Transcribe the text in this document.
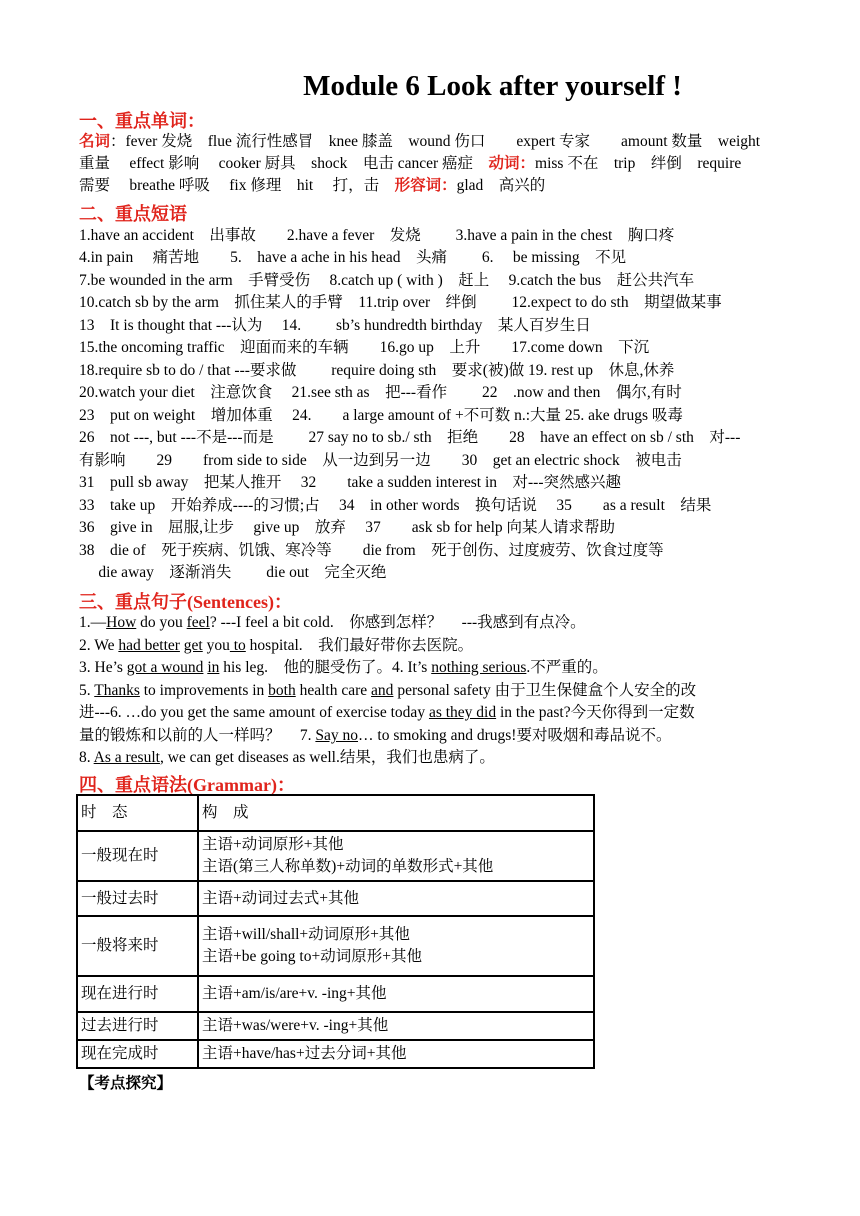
Module 6 Look after yourself !
一、重点单词：
名词：fever 发烧　flue 流行性感冒　knee 膝盖　wound 伤口　　expert 专家　　amount 数量　weight
重量　 effect 影响　 cooker 厨具　shock　电击 cancer 癌症　动词：miss 不在　trip　绊倒　require
需要　 breathe 呼吸　 fix 修理　hit　 打，击　形容词：glad　高兴的
二、重点短语
1.have an accident　出事故　　2.have a fever　发烧　　 3.have a pain in the chest　胸口疼
4.in pain　 痛苦地　　5.　have a ache in his head　头痛　　 6.　 be missing　不见
7.be wounded in the arm　手臂受伤　 8.catch up ( with )　赶上　 9.catch the bus　赶公共汽车
10.catch sb by the arm　抓住某人的手臂　11.trip over　绊倒　　 12.expect to do sth　期望做某事
13　It is thought that ---认为　 14.　　 sb’s hundredth birthday　某人百岁生日
15.the oncoming traffic　迎面而来的车辆　　16.go up　上升　　17.come down　下沉
18.require sb to do / that ---要求做　　 require doing sth　要求(被)做 19. rest up　休息,休养
20.watch your diet　注意饮食　 21.see sth as　把---看作　　 22　.now and then　偶尔,有时
23　put on weight　增加体重　 24.　　a large amount of +不可数 n.:大量 25. ake drugs 吸毒
26　not ---, but ---不是---而是　　 27 say no to sb./ sth　拒绝　　28　have an effect on sb / sth　对---
有影响　　29　　from side to side　从一边到另一边　　30　get an electric shock　被电击
31　pull sb away　把某人推开　 32　　take a sudden interest in　对---突然感兴趣
33　take up　开始养成----的习惯;占　 34　in other words　换句话说　 35　　as a result　结果
36　give in　屈服,让步　 give up　放弃　 37　　ask sb for help 向某人请求帮助
38　die of　死于疾病、饥饿、寒冷等　　die from　死于创伤、过度疲劳、饮食过度等
　 die away　逐渐消失　　 die out　完全灭绝
三、重点句子(Sentences)：
1.—How do you feel? ---I feel a bit cold.　你感到怎样？　 ---我感到有点冷。
2. We had better get you to hospital.　我们最好带你去医院。
3. He’s got a wound in his leg.　他的腿受伤了。4. It’s nothing serious.不严重的。
5. Thanks to improvements in both health care and personal safety 由于卫生保健盒个人安全的改
进---6. …do you get the same amount of exercise today as they did in the past?今天你得到一定数
量的锻炼和以前的人一样吗？　 7. Say no… to smoking and drugs!要对吸烟和毒品说不。
8. As a result, we can get diseases as well.结果，我们也患病了。
四、重点语法(Grammar)：
时　态	构　成
一般现在时	主语+动词原形+其他
主语(第三人称单数)+动词的单数形式+其他

一般过去时	主语+动词过去式+其他

一般将来时	主语+will/shall+动词原形+其他
主语+be going to+动词原形+其他

现在进行时	主语+am/is/are+v. -ing+其他

过去进行时	主语+was/were+v. -ing+其他

现在完成时	主语+have/has+过去分词+其他
【考点探究】
